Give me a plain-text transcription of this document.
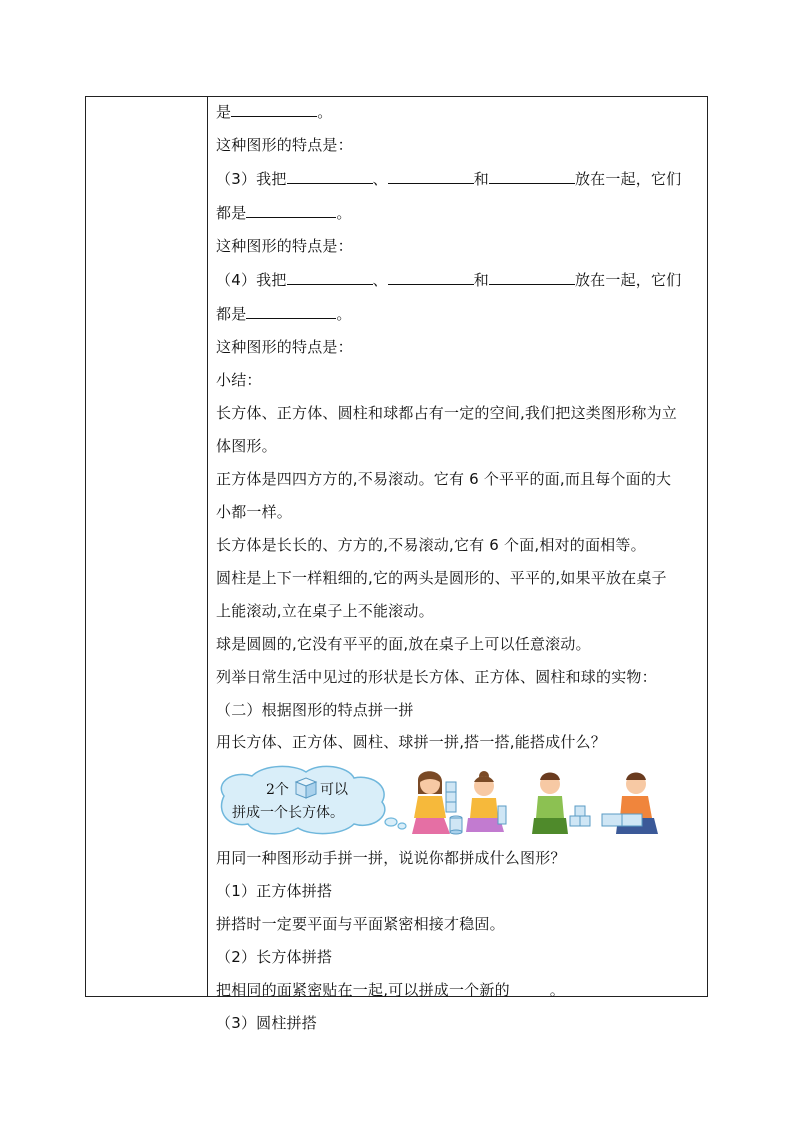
是	。
这种图形的特点是：
（3）我把	、	和	放在一起，它们
都是	。
这种图形的特点是：
（4）我把	、	和	放在一起，它们
都是	。
这种图形的特点是：
小结：
长方体、正方体、圆柱和球都占有一定的空间,我们把这类图形称为立
体图形。
正方体是四四方方的,不易滚动。它有 6 个平平的面,而且每个面的大
小都一样。
长方体是长长的、方方的,不易滚动,它有 6 个面,相对的面相等。
圆柱是上下一样粗细的,它的两头是圆形的、平平的,如果平放在桌子
上能滚动,立在桌子上不能滚动。
球是圆圆的,它没有平平的面,放在桌子上可以任意滚动。
列举日常生活中见过的形状是长方体、正方体、圆柱和球的实物：
（二）根据图形的特点拼一拼
用长方体、正方体、圆柱、球拼一拼,搭一搭,能搭成什么？
2个 可以
拼成一个长方体。
用同一种图形动手拼一拼，说说你都拼成什么图形？
（1）正方体拼搭
拼搭时一定要平面与平面紧密相接才稳固。
（2）长方体拼搭
把相同的面紧密贴在一起,可以拼成一个新的	。
（3）圆柱拼搭
